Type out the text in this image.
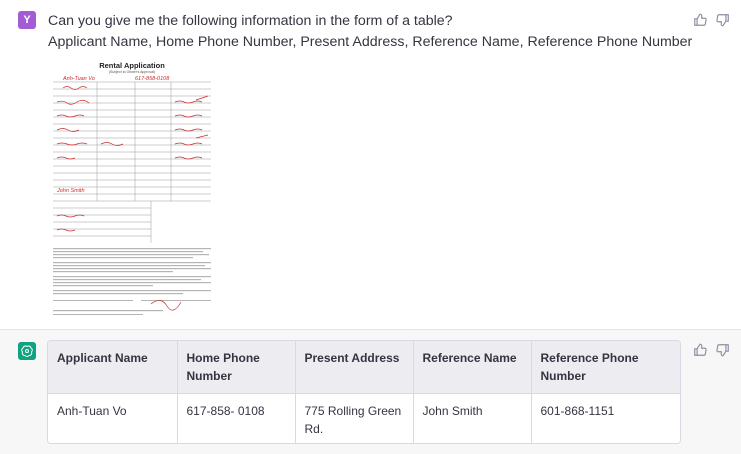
Y Can you give me the following information in the form of a table?
Applicant Name, Home Phone Number, Present Address, Reference Name, Reference Phone Number
Rental Application
(Subject to Owner's Approval)
Anh-Tuan Vo	617-858-0108
John Smith
Applicant Name	Home Phone Number	Present Address	Reference Name	Reference Phone Number
Anh-Tuan Vo	617-858- 0108	775 Rolling Green Rd.	John Smith	601-868-1151
